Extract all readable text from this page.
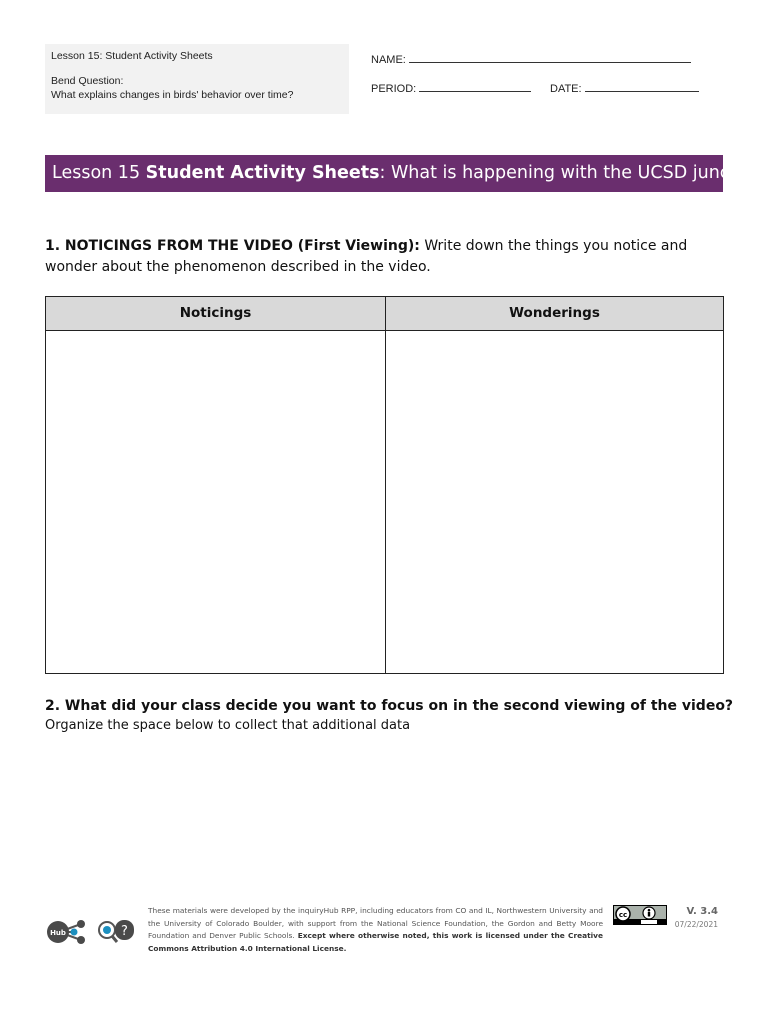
Lesson 15: Student Activity Sheets
Bend Question:
What explains changes in birds' behavior over time?
NAME:
PERIOD:	DATE:
Lesson 15 Student Activity Sheets: What is happening with the UCSD juncos?
1. NOTICINGS FROM THE VIDEO (First Viewing): Write down the things you notice and wonder about the phenomenon described in the video.
Noticings	Wonderings
2. What did your class decide you want to focus on in the second viewing of the video?
Organize the space below to collect that additional data
Hub	?
These materials were developed by the inquiryHub RPP, including educators from CO and IL, Northwestern University and the University of Colorado Boulder, with support from the National Science Foundation, the Gordon and Betty Moore Foundation and Denver Public Schools. Except where otherwise noted, this work is licensed under the Creative Commons Attribution 4.0 International License.
cc	V. 3.4
07/22/2021
